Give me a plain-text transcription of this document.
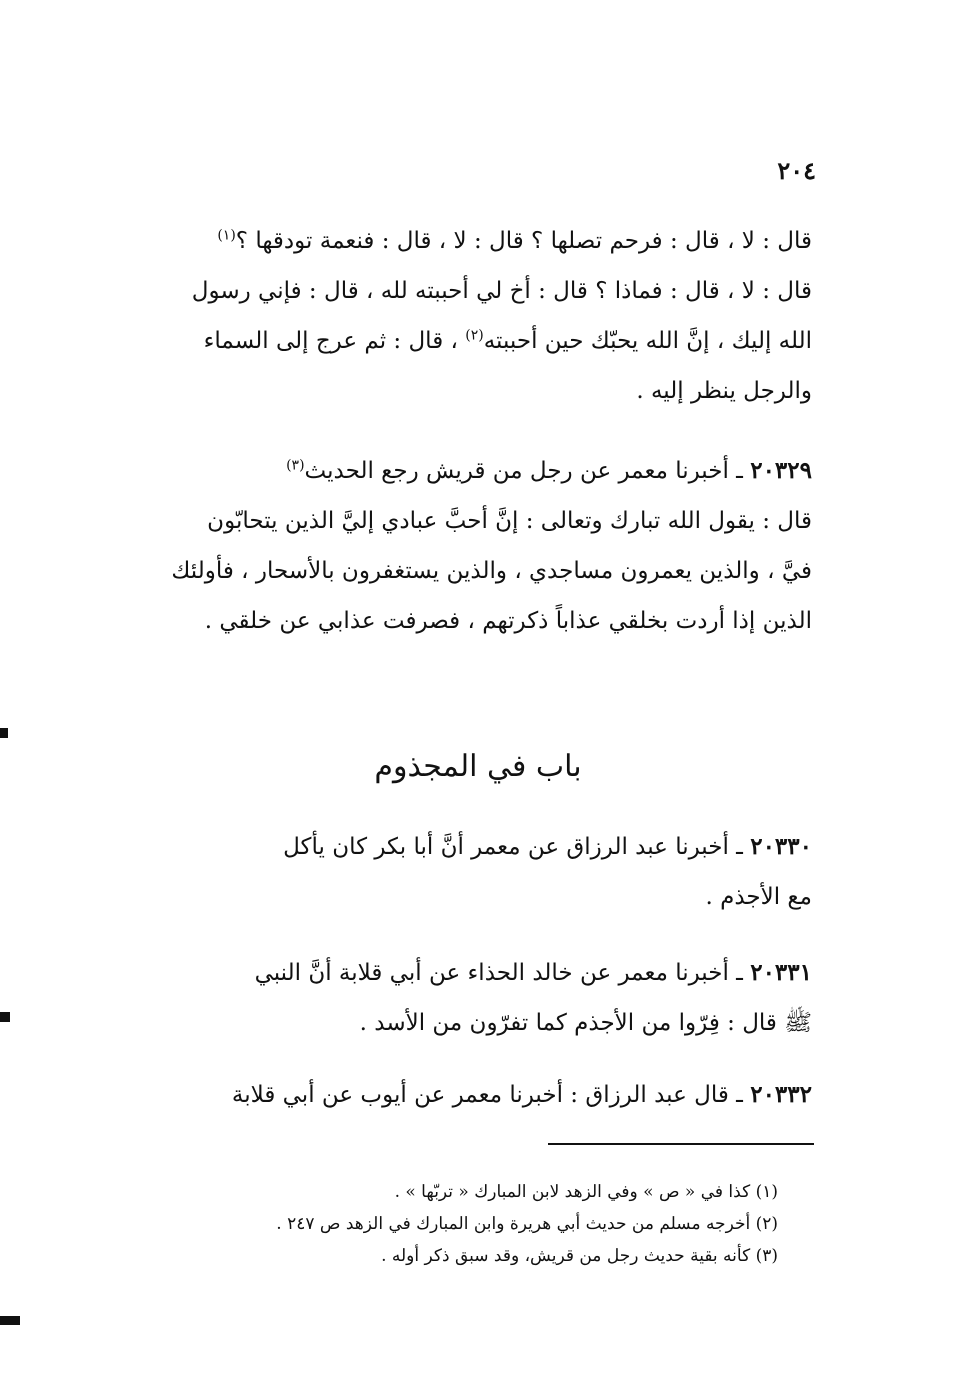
٢٠٤
قال : لا ، قال : فرحم تصلها ؟ قال : لا ، قال : فنعمة تودقها ؟$^{(١)}$
قال : لا ، قال : فماذا ؟ قال : أخ لي أحببته لله ، قال : فإني رسول
الله إليك ، إنَّ الله يحبّك حين أحببته$^{(٢)}$ ، قال : ثم عرج إلى السماء
والرجل ينظر إليه .
٢٠٣٢٩ ـ أخبرنا معمر عن رجل من قريش رجع الحديث$^{(٣)}$
قال : يقول الله تبارك وتعالى : إنَّ أحبَّ عبادي إليَّ الذين يتحابّون
فيَّ ، والذين يعمرون مساجدي ، والذين يستغفرون بالأسحار ، فأولئك
الذين إذا أردت بخلقي عذاباً ذكرتهم ، فصرفت عذابي عن خلقي .
باب في المجذوم
٢٠٣٣٠ ـ أخبرنا عبد الرزاق عن معمر أنَّ أبا بكر كان يأكل
مع الأجذم .
٢٠٣٣١ ـ أخبرنا معمر عن خالد الحذاء عن أبي قلابة أنَّ النبي
ﷺ قال : فِرّوا من الأجذم كما تفرّون من الأسد .
٢٠٣٣٢ ـ قال عبد الرزاق : أخبرنا معمر عن أيوب عن أبي قلابة
(١) كذا في « ص » وفي الزهد لابن المبارك « تربّها » .
(٢) أخرجه مسلم من حديث أبي هريرة وابن المبارك في الزهد ص ٢٤٧ .
(٣) كأنه بقية حديث رجل من قريش، وقد سبق ذكر أوله .
